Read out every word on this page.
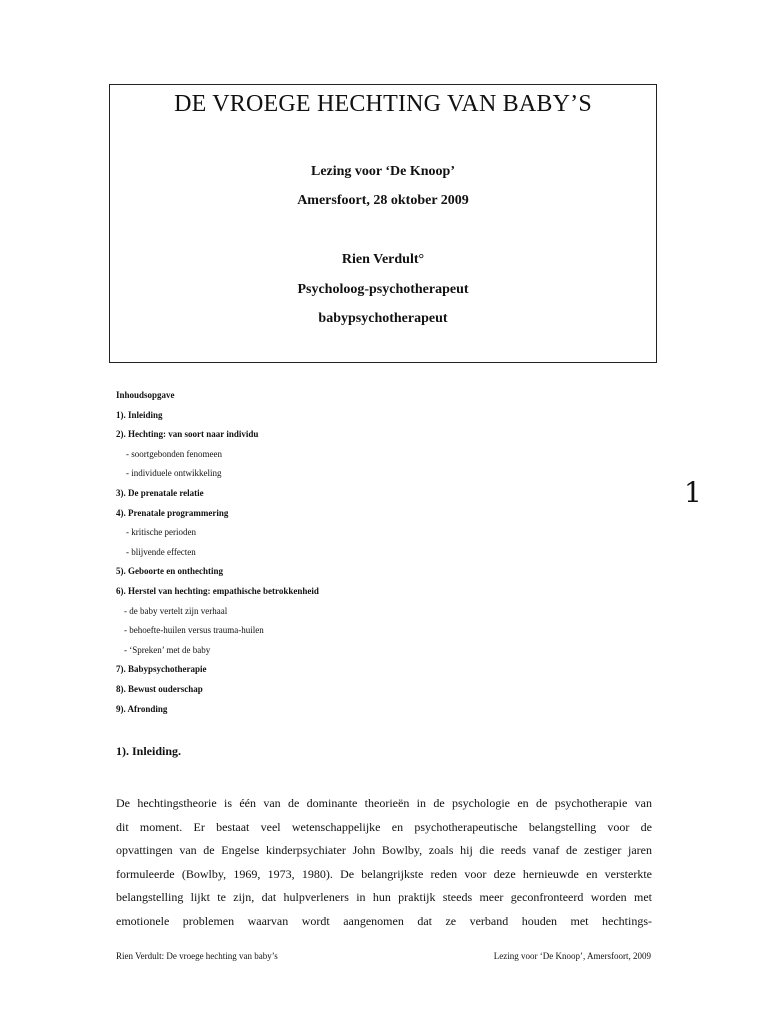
DE VROEGE HECHTING VAN BABY’S
Lezing voor ‘De Knoop’
Amersfoort, 28 oktober 2009
Rien Verdult°
Psycholoog-psychotherapeut
babypsychotherapeut
1
Inhoudsopgave
1). Inleiding
2). Hechting: van soort naar individu
- soortgebonden fenomeen
- individuele ontwikkeling
3). De prenatale relatie
4). Prenatale programmering
- kritische perioden
- blijvende effecten
5). Geboorte en onthechting
6). Herstel van hechting: empathische betrokkenheid
- de baby vertelt zijn verhaal
- behoefte-huilen versus trauma-huilen
- ‘Spreken’ met de baby
7). Babypsychotherapie
8). Bewust ouderschap
9). Afronding
1). Inleiding.
De hechtingstheorie is één van de dominante theorieën in de psychologie en de psychotherapie van
dit moment. Er bestaat veel wetenschappelijke en psychotherapeutische belangstelling voor de
opvattingen van de Engelse kinderpsychiater John Bowlby, zoals hij die reeds vanaf de zestiger jaren
formuleerde (Bowlby, 1969, 1973, 1980). De belangrijkste reden voor deze hernieuwde en versterkte
belangstelling lijkt te zijn, dat hulpverleners in hun praktijk steeds meer geconfronteerd worden met
emotionele problemen waarvan wordt aangenomen dat ze verband houden met hechtings-
Rien Verdult: De vroege hechting van baby’s	Lezing voor ‘De Knoop’, Amersfoort, 2009
